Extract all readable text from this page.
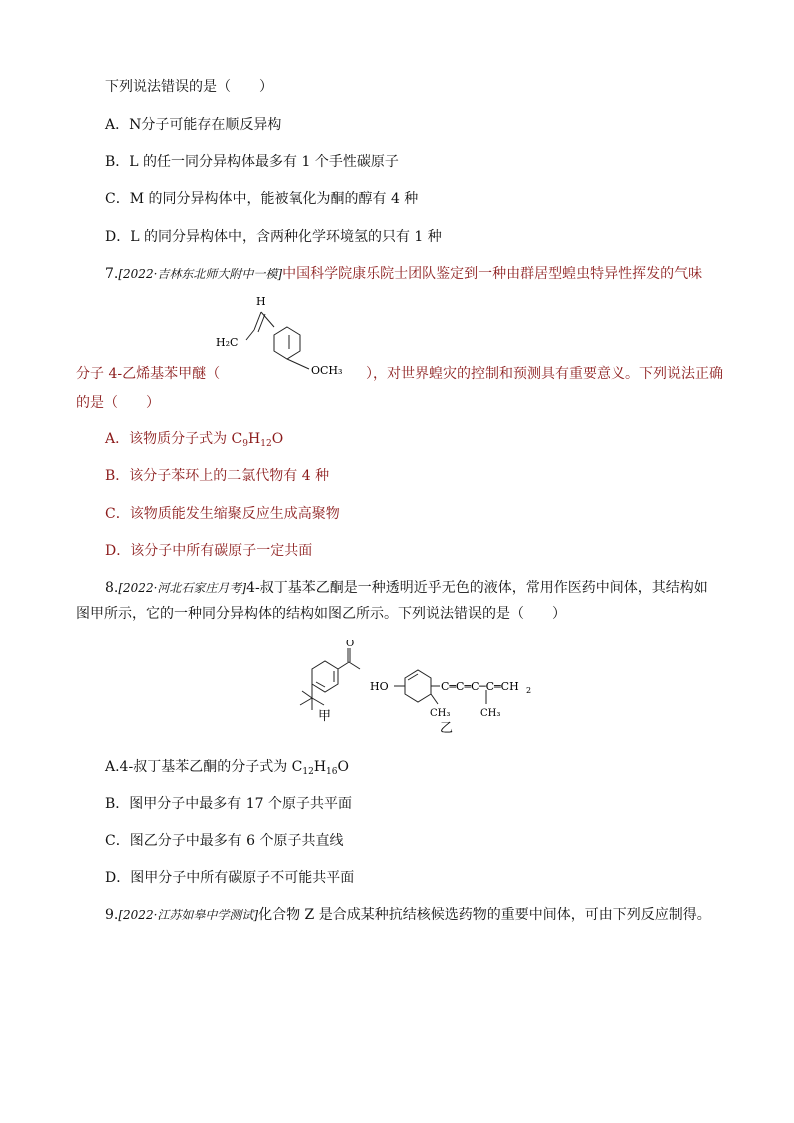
下列说法错误的是（　　）
A．N分子可能存在顺反异构
B．L 的任一同分异构体最多有 1 个手性碳原子
C．M 的同分异构体中，能被氧化为酮的醇有 4 种
D．L 的同分异构体中，含两种化学环境氢的只有 1 种
7.[2022·吉林东北师大附中一模]中国科学院康乐院士团队鉴定到一种由群居型蝗虫特异性挥发的气味
H
H₂C
OCH₃
分子 4-乙烯基苯甲醚（	），对世界蝗灾的控制和预测具有重要意义。下列说法正确
的是（　　）
A．该物质分子式为 $C_9H_{12}O$
B．该分子苯环上的二氯代物有 4 种
C．该物质能发生缩聚反应生成高聚物
D．该分子中所有碳原子一定共面
8.[2022·河北石家庄月考]4-叔丁基苯乙酮是一种透明近乎无色的液体，常用作医药中间体，其结构如
图甲所示，它的一种同分异构体的结构如图乙所示。下列说法错误的是（　　）
O
甲
HO	C═C═C ─C═CH 2
CH₃	CH₃
乙
A.4-叔丁基苯乙酮的分子式为 $C_{12}H_{16}O$
B．图甲分子中最多有 17 个原子共平面
C．图乙分子中最多有 6 个原子共直线
D．图甲分子中所有碳原子不可能共平面
9.[2022·江苏如皋中学测试]化合物 Z 是合成某种抗结核候选药物的重要中间体，可由下列反应制得。
